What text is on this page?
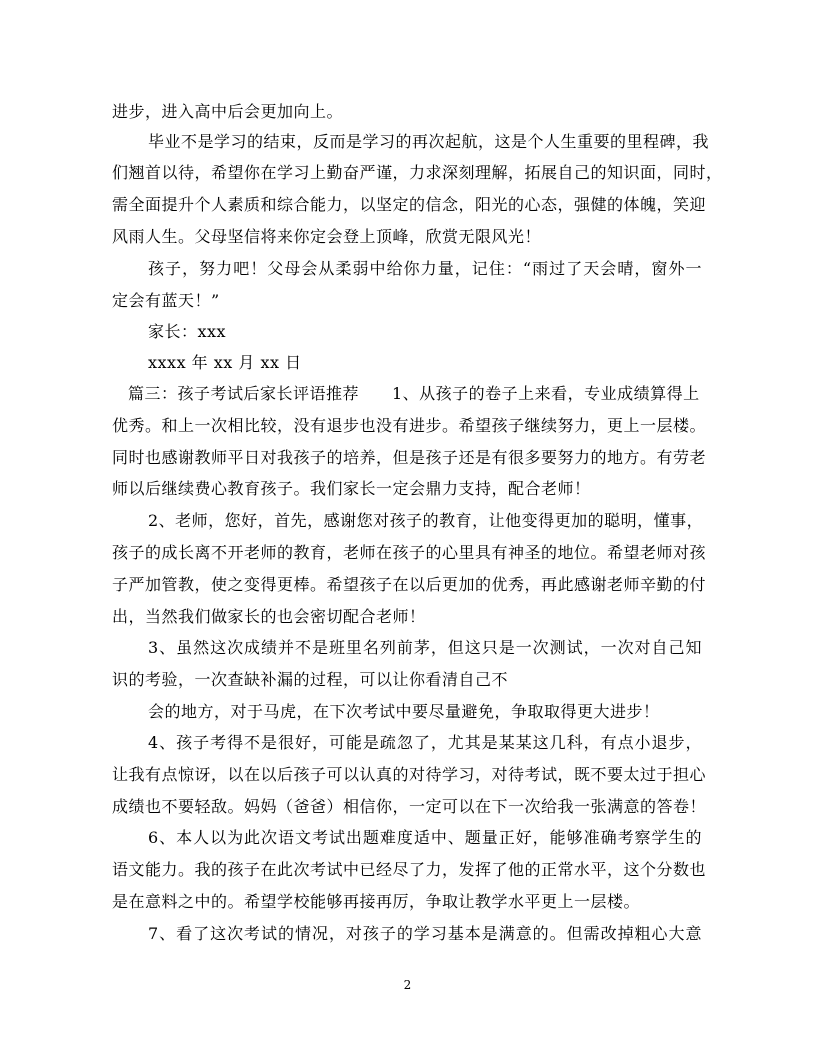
进步，进入高中后会更加向上。
毕业不是学习的结束，反而是学习的再次起航，这是个人生重要的里程碑，我
们翘首以待，希望你在学习上勤奋严谨，力求深刻理解，拓展自己的知识面，同时，
需全面提升个人素质和综合能力，以坚定的信念，阳光的心态，强健的体魄，笑迎
风雨人生。父母坚信将来你定会登上顶峰，欣赏无限风光！
孩子，努力吧！父母会从柔弱中给你力量，记住：“雨过了天会晴，窗外一
定会有蓝天！”
家长：xxx
xxxx 年 xx 月 xx 日
篇三：孩子考试后家长评语推荐　　1、从孩子的卷子上来看，专业成绩算得上
优秀。和上一次相比较，没有退步也没有进步。希望孩子继续努力，更上一层楼。
同时也感谢教师平日对我孩子的培养，但是孩子还是有很多要努力的地方。有劳老
师以后继续费心教育孩子。我们家长一定会鼎力支持，配合老师！
2、老师，您好，首先，感谢您对孩子的教育，让他变得更加的聪明，懂事，
孩子的成长离不开老师的教育，老师在孩子的心里具有神圣的地位。希望老师对孩
子严加管教，使之变得更棒。希望孩子在以后更加的优秀，再此感谢老师辛勤的付
出，当然我们做家长的也会密切配合老师！
3、虽然这次成绩并不是班里名列前茅，但这只是一次测试，一次对自己知
识的考验，一次查缺补漏的过程，可以让你看清自己不
会的地方，对于马虎，在下次考试中要尽量避免，争取取得更大进步！
4、孩子考得不是很好，可能是疏忽了，尤其是某某这几科，有点小退步，
让我有点惊讶，以在以后孩子可以认真的对待学习，对待考试，既不要太过于担心
成绩也不要轻敌。妈妈（爸爸）相信你，一定可以在下一次给我一张满意的答卷！
6、本人以为此次语文考试出题难度适中、题量正好，能够准确考察学生的
语文能力。我的孩子在此次考试中已经尽了力，发挥了他的正常水平，这个分数也
是在意料之中的。希望学校能够再接再厉，争取让教学水平更上一层楼。
7、看了这次考试的情况，对孩子的学习基本是满意的。但需改掉粗心大意
2
